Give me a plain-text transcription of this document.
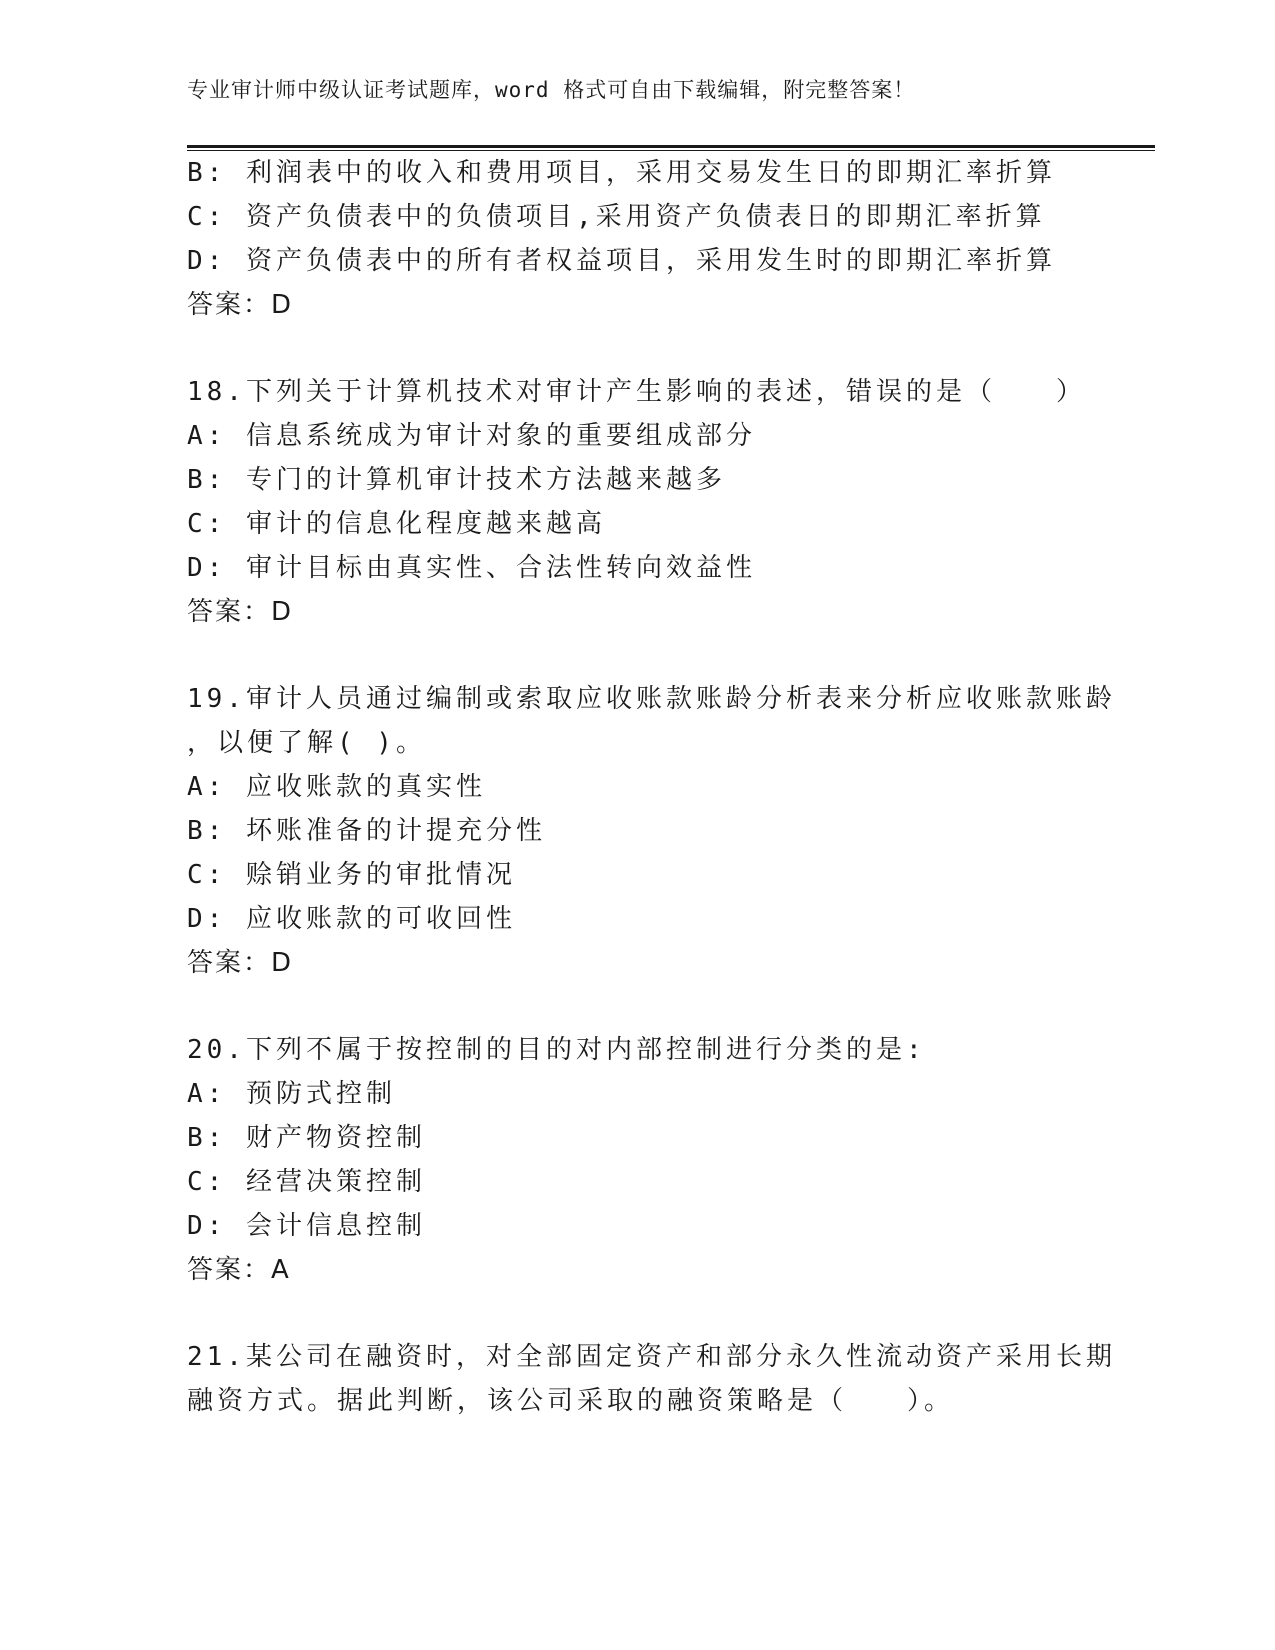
专业审计师中级认证考试题库，word 格式可自由下载编辑，附完整答案！
B: 利润表中的收入和费用项目，采用交易发生日的即期汇率折算
C: 资产负债表中的负债项目,采用资产负债表日的即期汇率折算
D: 资产负债表中的所有者权益项目，采用发生时的即期汇率折算
答案：D
18.下列关于计算机技术对审计产生影响的表述，错误的是（　　）
A: 信息系统成为审计对象的重要组成部分
B: 专门的计算机审计技术方法越来越多
C: 审计的信息化程度越来越高
D: 审计目标由真实性、合法性转向效益性
答案：D
19.审计人员通过编制或索取应收账款账龄分析表来分析应收账款账龄
，以便了解( )。
A: 应收账款的真实性
B: 坏账准备的计提充分性
C: 赊销业务的审批情况
D: 应收账款的可收回性
答案：D
20.下列不属于按控制的目的对内部控制进行分类的是:
A: 预防式控制
B: 财产物资控制
C: 经营决策控制
D: 会计信息控制
答案：A
21.某公司在融资时，对全部固定资产和部分永久性流动资产采用长期
融资方式。据此判断，该公司采取的融资策略是（　　）。
